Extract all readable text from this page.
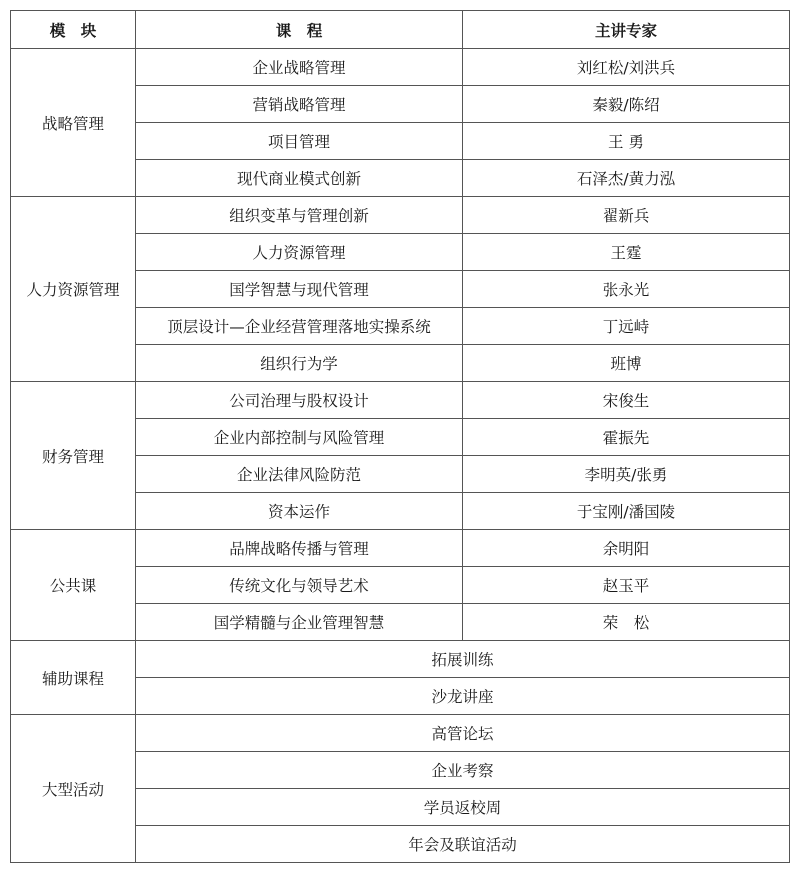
模　块	课　程	主讲专家
战略管理	企业战略管理	刘红松/刘洪兵
	营销战略管理	秦毅/陈绍
	项目管理	王 勇
	现代商业模式创新	石泽杰/黄力泓
人力资源管理	组织变革与管理创新	翟新兵
	人力资源管理	王霆
	国学智慧与现代管理	张永光
	顶层设计—企业经营管理落地实操系统	丁远峙
	组织行为学	班博
财务管理	公司治理与股权设计	宋俊生
	企业内部控制与风险管理	霍振先
	企业法律风险防范	李明英/张勇
	资本运作	于宝刚/潘国陵
公共课	品牌战略传播与管理	余明阳
	传统文化与领导艺术	赵玉平
	国学精髓与企业管理智慧	荣　松
辅助课程	拓展训练	
	沙龙讲座	
大型活动	高管论坛	
	企业考察	
	学员返校周	
	年会及联谊活动	
